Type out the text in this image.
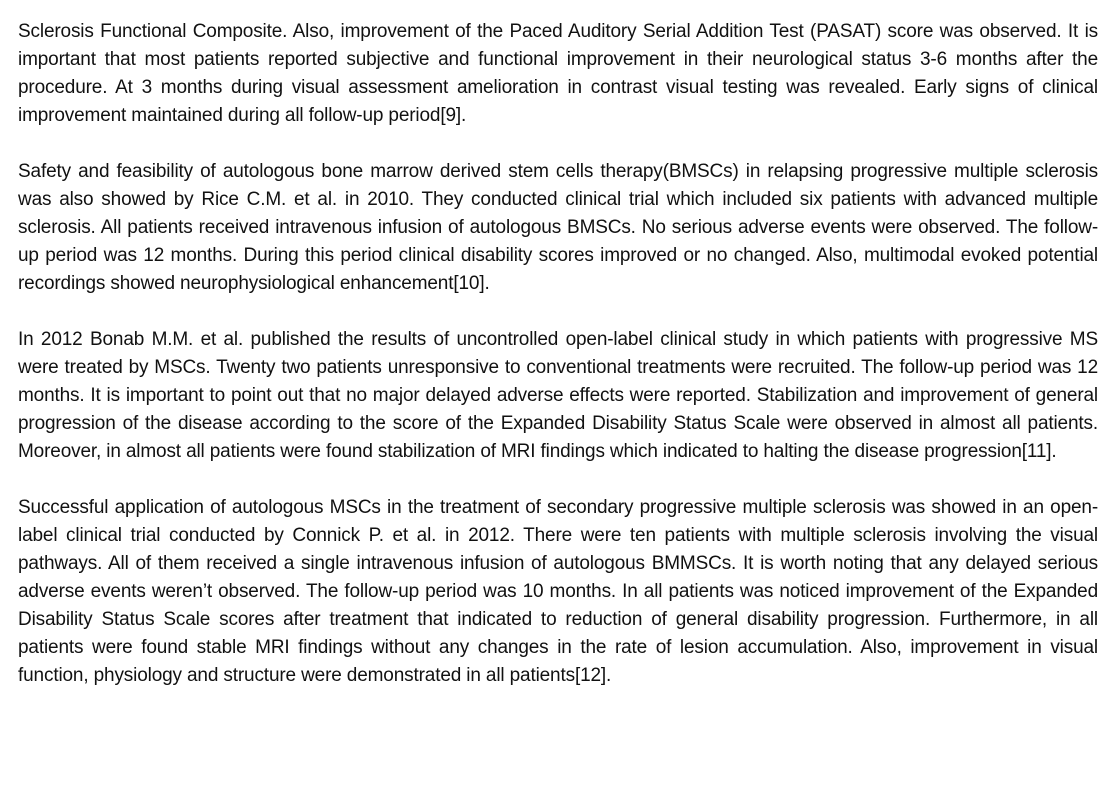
Sclerosis Functional Composite. Also, improvement of the Paced Auditory Serial Addition Test (PASAT) score was observed. It is important that most patients reported subjective and functional improvement in their neurological status 3-6 months after the procedure. At 3 months during visual assessment amelioration in contrast visual testing was revealed. Early signs of clinical improvement maintained during all follow-up period[9].

Safety and feasibility of autologous bone marrow derived stem cells therapy(BMSCs) in relapsing progressive multiple sclerosis was also showed by Rice C.M. et al. in 2010. They conducted clinical trial which included six patients with advanced multiple sclerosis. All patients received intravenous infusion of autologous BMSCs. No serious adverse events were observed. The follow-up period was 12 months. During this period clinical disability scores improved or no changed. Also, multimodal evoked potential recordings showed neurophysiological enhancement[10].

In 2012 Bonab M.M. et al. published the results of uncontrolled open-label clinical study in which patients with progressive MS were treated by MSCs. Twenty two patients unresponsive to conventional treatments were recruited. The follow-up period was 12 months. It is important to point out that no major delayed adverse effects were reported. Stabilization and improvement of general progression of the disease according to the score of the Expanded Disability Status Scale were observed in almost all patients. Moreover, in almost all patients were found stabilization of MRI findings which indicated to halting the disease progression[11].

Successful application of autologous MSCs in the treatment of secondary progressive multiple sclerosis was showed in an open-label clinical trial conducted by Connick P. et al. in 2012. There were ten patients with multiple sclerosis involving the visual pathways. All of them received a single intravenous infusion of autologous BMMSCs. It is worth noting that any delayed serious adverse events weren’t observed. The follow-up period was 10 months. In all patients was noticed improvement of the Expanded Disability Status Scale scores after treatment that indicated to reduction of general disability progression. Furthermore, in all patients were found stable MRI findings without any changes in the rate of lesion accumulation. Also, improvement in visual function, physiology and structure were demonstrated in all patients[12].
